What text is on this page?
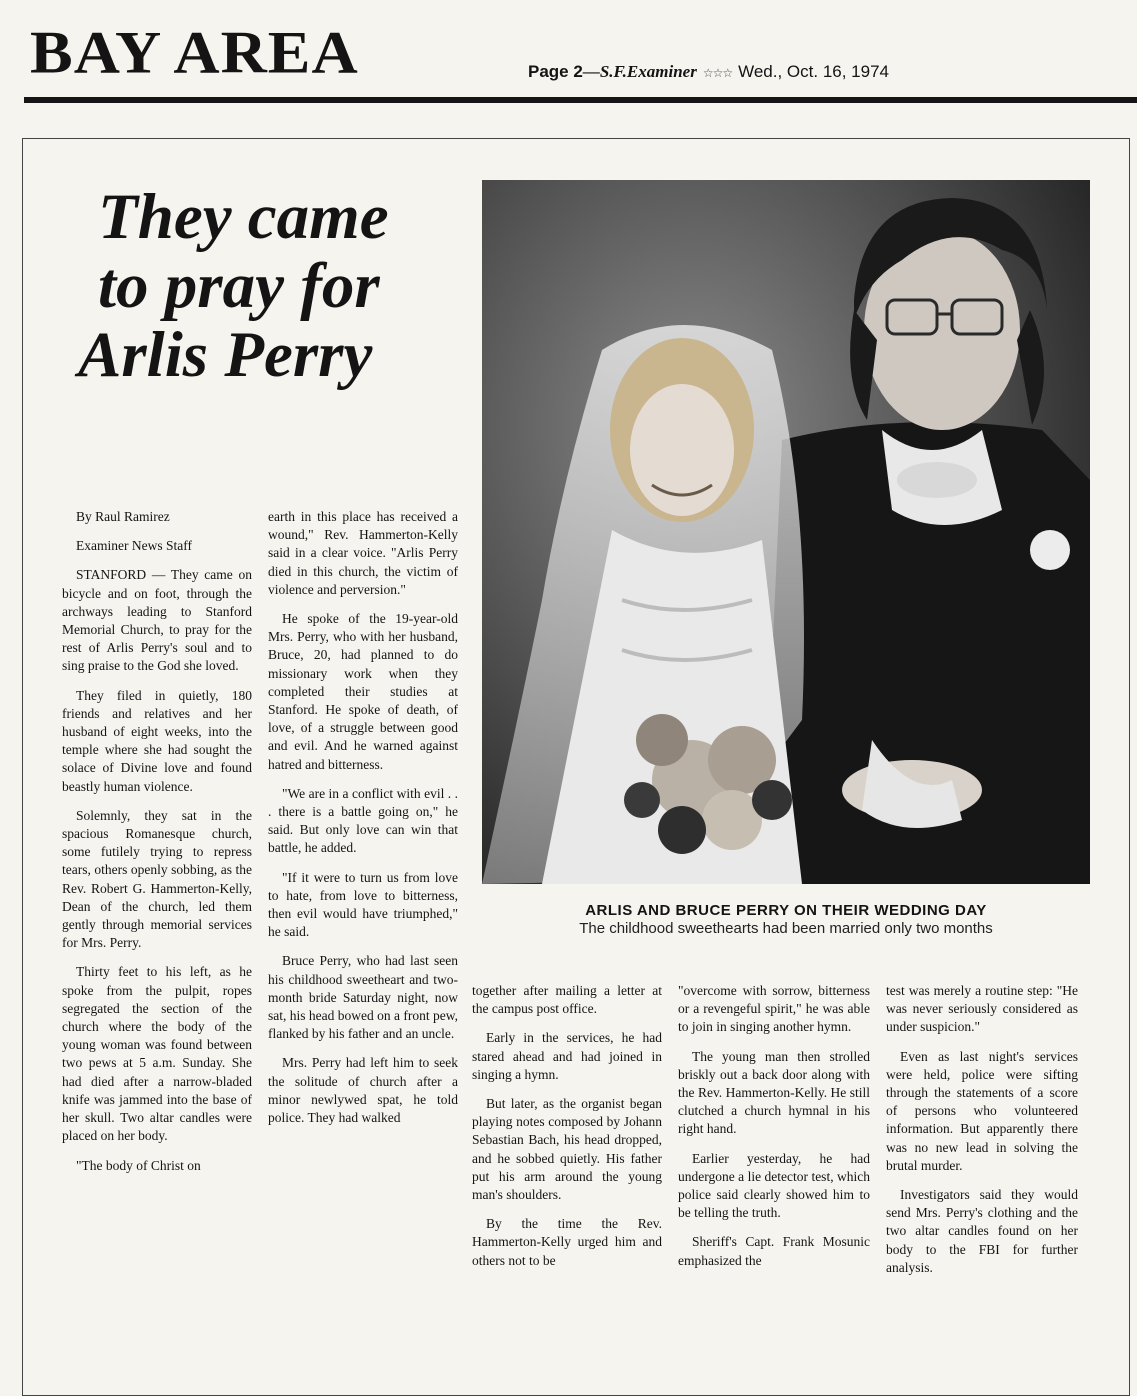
BAY AREA	Page 2—S.F.Examiner ☆☆☆ Wed., Oct. 16, 1974
They came
to pray for
Arlis Perry
ARLIS AND BRUCE PERRY ON THEIR WEDDING DAY
The childhood sweethearts had been married only two months

By Raul Ramirez

Examiner News Staff

STANFORD — They came on bicycle and on foot, through the archways leading to Stanford Memorial Church, to pray for the rest of Arlis Perry's soul and to sing praise to the God she loved.

They filed in quietly, 180 friends and relatives and her husband of eight weeks, into the temple where she had sought the solace of Divine love and found beastly human violence.

Solemnly, they sat in the spacious Romanesque church, some futilely trying to repress tears, others openly sobbing, as the Rev. Robert G. Hammerton-Kelly, Dean of the church, led them gently through memorial services for Mrs. Perry.

Thirty feet to his left, as he spoke from the pulpit, ropes segregated the section of the church where the body of the young woman was found between two pews at 5 a.m. Sunday. She had died after a narrow-bladed knife was jammed into the base of her skull. Two altar candles were placed on her body.

"The body of Christ on

earth in this place has received a wound," Rev. Hammerton-Kelly said in a clear voice. "Arlis Perry died in this church, the victim of violence and perversion."

He spoke of the 19-year-old Mrs. Perry, who with her husband, Bruce, 20, had planned to do missionary work when they completed their studies at Stanford. He spoke of death, of love, of a struggle between good and evil. And he warned against hatred and bitterness.

"We are in a conflict with evil . . . there is a battle going on," he said. But only love can win that battle, he added.

"If it were to turn us from love to hate, from love to bitterness, then evil would have triumphed," he said.

Bruce Perry, who had last seen his childhood sweetheart and two-month bride Saturday night, now sat, his head bowed on a front pew, flanked by his father and an uncle.

Mrs. Perry had left him to seek the solitude of church after a minor newlywed spat, he told police. They had walked

together after mailing a letter at the campus post office.

Early in the services, he had stared ahead and had joined in singing a hymn.

But later, as the organist began playing notes composed by Johann Sebastian Bach, his head dropped, and he sobbed quietly. His father put his arm around the young man's shoulders.

By the time the Rev. Hammerton-Kelly urged him and others not to be

"overcome with sorrow, bitterness or a revengeful spirit," he was able to join in singing another hymn.

The young man then strolled briskly out a back door along with the Rev. Hammerton-Kelly. He still clutched a church hymnal in his right hand.

Earlier yesterday, he had undergone a lie detector test, which police said clearly showed him to be telling the truth.

Sheriff's Capt. Frank Mosunic emphasized the

test was merely a routine step: "He was never seriously considered as under suspicion."

Even as last night's services were held, police were sifting through the statements of a score of persons who volunteered information. But apparently there was no new lead in solving the brutal murder.

Investigators said they would send Mrs. Perry's clothing and the two altar candles found on her body to the FBI for further analysis.
